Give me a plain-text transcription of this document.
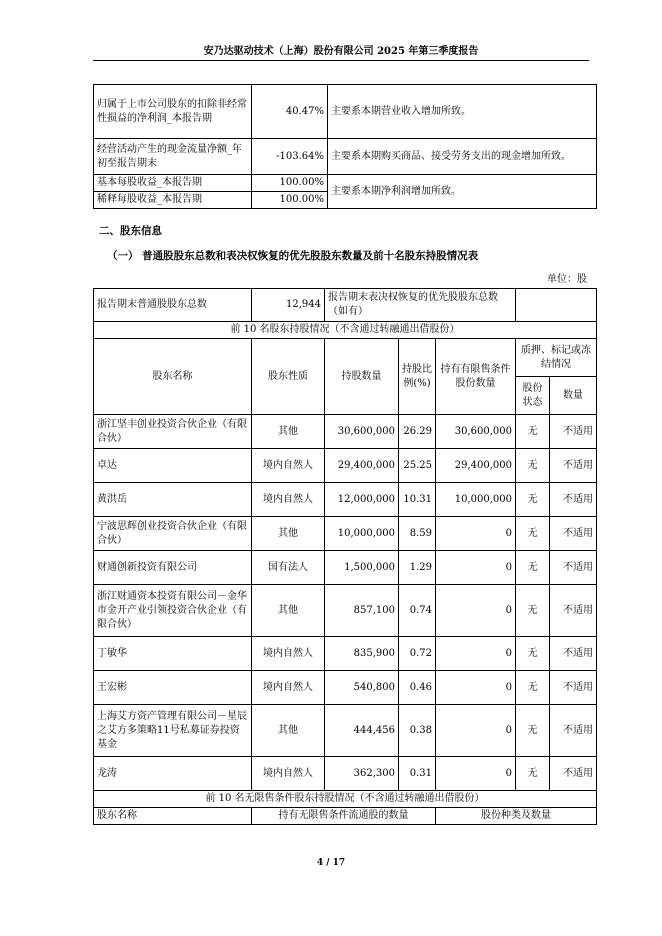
安乃达驱动技术（上海）股份有限公司 2025 年第三季度报告
归属于上市公司股东的扣除非经常性损益的净利润_本报告期	40.47%	主要系本期营业收入增加所致。
经营活动产生的现金流量净额_年初至报告期末	-103.64%	主要系本期购买商品、接受劳务支出的现金增加所致。
基本每股收益_本报告期	100.00%	主要系本期净利润增加所致。
稀释每股收益_本报告期	100.00%	
二、股东信息
（一） 普通股股东总数和表决权恢复的优先股股东数量及前十名股东持股情况表
单位：股
报告期末普通股股东总数	12,944	报告期末表决权恢复的优先股股东总数（如有）				
前 10 名股东持股情况（不含通过转融通出借股份）						
股东名称	股东性质	持股数量	持股比例(%)	持有有限售条件股份数量	质押、标记或冻结情况	
					股份状态	数量
浙江坚丰创业投资合伙企业（有限合伙）	其他	30,600,000	26.29	30,600,000	无	不适用
卓达	境内自然人	29,400,000	25.25	29,400,000	无	不适用
黄洪岳	境内自然人	12,000,000	10.31	10,000,000	无	不适用
宁波思辉创业投资合伙企业（有限合伙）	其他	10,000,000	8.59	0	无	不适用
财通创新投资有限公司	国有法人	1,500,000	1.29	0	无	不适用
浙江财通资本投资有限公司－金华市金开产业引领投资合伙企业（有限合伙）	其他	857,100	0.74	0	无	不适用
丁敏华	境内自然人	835,900	0.72	0	无	不适用
王宏彬	境内自然人	540,800	0.46	0	无	不适用
上海艾方资产管理有限公司－星辰之艾方多策略11号私募证券投资基金	其他	444,456	0.38	0	无	不适用
龙涛	境内自然人	362,300	0.31	0	无	不适用
前 10 名无限售条件股东持股情况（不含通过转融通出借股份）						
股东名称	持有无限售条件流通股的数量			股份种类及数量		
4 / 17
